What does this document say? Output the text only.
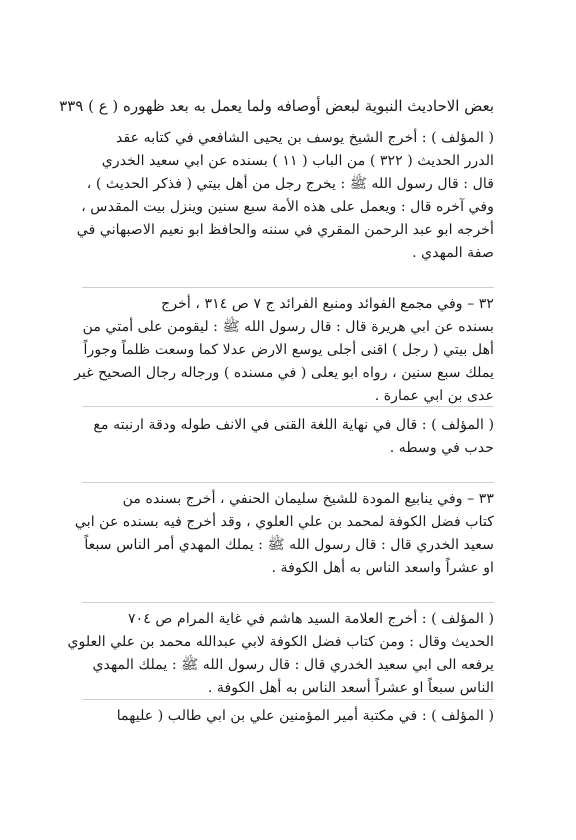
بعض الاحاديث النبوية لبعض أوصافه ولما يعمل به بعد ظهوره ( ع ) ٣٣٩
( المؤلف ) : أخرج الشيخ يوسف بن يحيى الشافعي في كتابه عقد
الدرر الحديث ( ٣٢٢ ) من الباب ( ١١ ) بسنده عن ابي سعيد الخدري
قال : قال رسول الله ﷺ : يخرج رجل من أهل بيتي ( فذكر الحديث ) ،
وفي آخره قال : ويعمل على هذه الأمة سبع سنين وينزل بيت المقدس ،
أخرجه ابو عبد الرحمن المقري في سننه والحافظ ابو نعيم الاصبهاني في
صفة المهدي .
٣٢ – وفي مجمع الفوائد ومنبع الفرائد ج ٧ ص ٣١٤ ، أخرج
بسنده عن ابي هريرة قال : قال رسول الله ﷺ : ليقومن على أمتي من
أهل بيتي ( رجل ) اقنى أجلى يوسع الارض عدلا كما وسعت ظلماً وجوراً
يملك سبع سنين ، رواه ابو يعلى ( في مسنده ) ورجاله رجال الصحيح غير
عدى بن ابي عمارة .
( المؤلف ) : قال في نهاية اللغة القنى في الانف طوله ودقة ارنبته مع
حدب في وسطه .
٣٣ – وفي ينابيع المودة للشيخ سليمان الحنفي ، أخرج بسنده من
كتاب فضل الكوفة لمحمد بن علي العلوي ، وقد أخرج فيه بسنده عن ابي
سعيد الخدري قال : قال رسول الله ﷺ : يملك المهدي أمر الناس سبعاً
او عشراً واسعد الناس به أهل الكوفة .
( المؤلف ) : أخرج العلامة السيد هاشم في غاية المرام ص ٧٠٤
الحديث وقال : ومن كتاب فضل الكوفة لابي عبدالله محمد بن علي العلوي
يرفعه الى ابي سعيد الخدري قال : قال رسول الله ﷺ : يملك المهدي
الناس سبعاً او عشراً أسعد الناس به أهل الكوفة .
( المؤلف ) : في مكتبة أمير المؤمنين علي بن ابي طالب ( عليهما
